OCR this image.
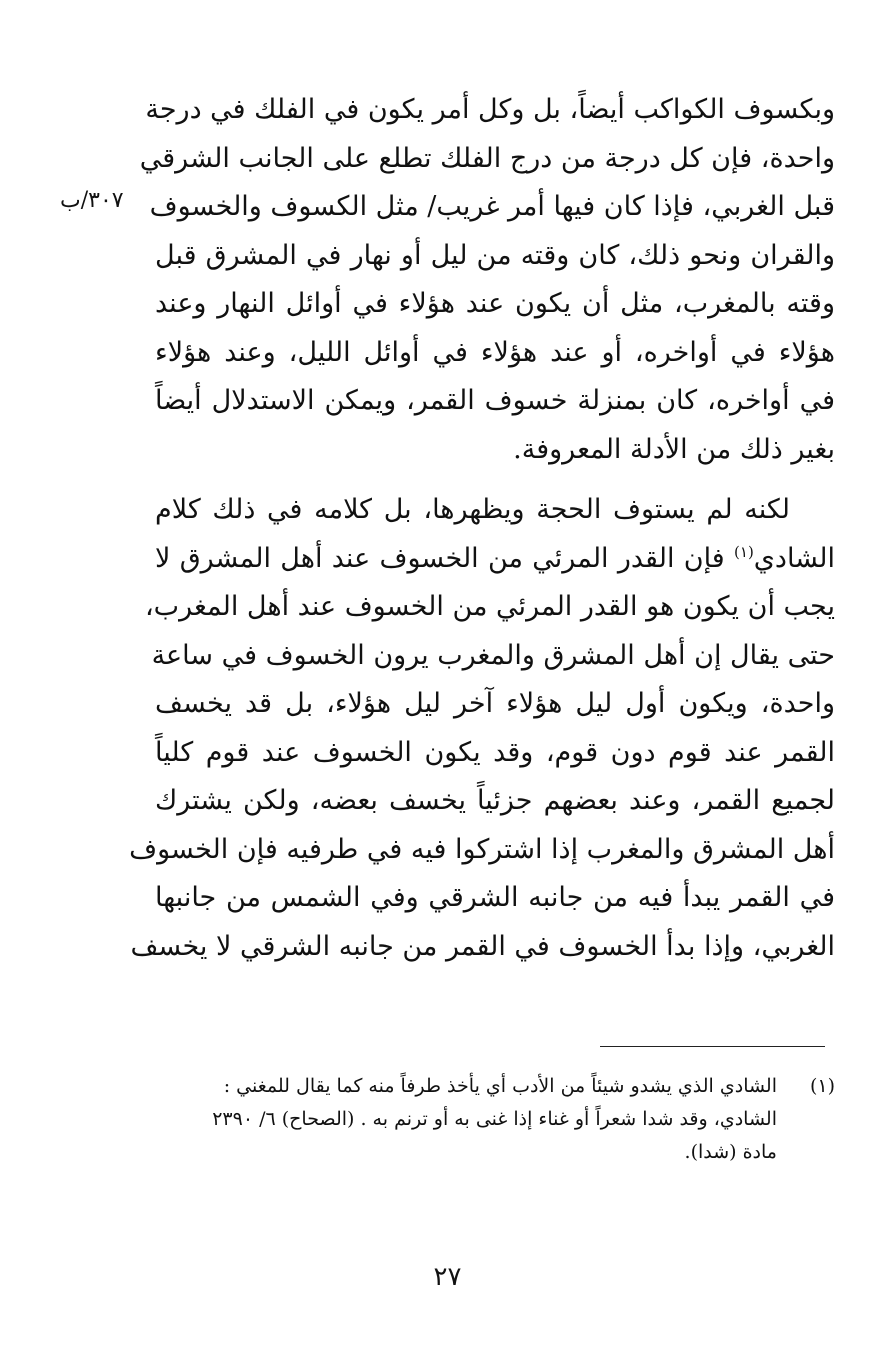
٣٠٧/ب
وبكسوف الكواكب أيضاً، بل وكل أمر يكون في الفلك في درجة
واحدة، فإن كل درجة من درج الفلك تطلع على الجانب الشرقي
قبل الغربي، فإذا كان فيها أمر غريب/ مثل الكسوف والخسوف
والقران ونحو ذلك، كان وقته من ليل أو نهار في المشرق قبل
وقته بالمغرب، مثل أن يكون عند هؤلاء في أوائل النهار وعند
هؤلاء في أواخره، أو عند هؤلاء في أوائل الليل، وعند هؤلاء
في أواخره، كان بمنزلة خسوف القمر، ويمكن الاستدلال أيضاً
بغير ذلك من الأدلة المعروفة.
لكنه لم يستوف الحجة ويظهرها، بل كلامه في ذلك كلام
الشادي$^{(١)}$ فإن القدر المرئي من الخسوف عند أهل المشرق لا
يجب أن يكون هو القدر المرئي من الخسوف عند أهل المغرب،
حتى يقال إن أهل المشرق والمغرب يرون الخسوف في ساعة
واحدة، ويكون أول ليل هؤلاء آخر ليل هؤلاء، بل قد يخسف
القمر عند قوم دون قوم، وقد يكون الخسوف عند قوم كلياً
لجميع القمر، وعند بعضهم جزئياً يخسف بعضه، ولكن يشترك
أهل المشرق والمغرب إذا اشتركوا فيه في طرفيه فإن الخسوف
في القمر يبدأ فيه من جانبه الشرقي وفي الشمس من جانبها
الغربي، وإذا بدأ الخسوف في القمر من جانبه الشرقي لا يخسف
(١)الشادي الذي يشدو شيئاً من الأدب أي يأخذ طرفاً منه كما يقال للمغني :
الشادي، وقد شدا شعراً أو غناء إذا غنى به أو ترنم به . (الصحاح) ٦/ ٢٣٩٠
مادة (شدا).
٢٧
